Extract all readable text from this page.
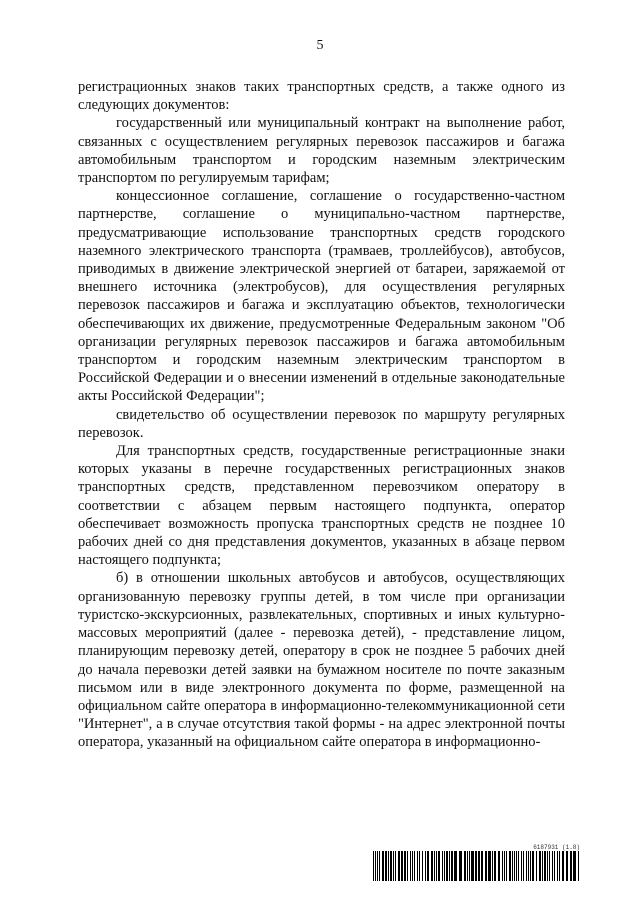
5

регистрационных знаков таких транспортных средств, а также одного из следующих документов:

государственный или муниципальный контракт на выполнение работ, связанных с осуществлением регулярных перевозок пассажиров и багажа автомобильным транспортом и городским наземным электрическим транспортом по регулируемым тарифам;

концессионное соглашение, соглашение о государственно-частном партнерстве, соглашение о муниципально-частном партнерстве, предусматривающие использование транспортных средств городского наземного электрического транспорта (трамваев, троллейбусов), автобусов, приводимых в движение электрической энергией от батареи, заряжаемой от внешнего источника (электробусов), для осуществления регулярных перевозок пассажиров и багажа и эксплуатацию объектов, технологически обеспечивающих их движение, предусмотренные Федеральным законом "Об организации регулярных перевозок пассажиров и багажа автомобильным транспортом и городским наземным электрическим транспортом в Российской Федерации и о внесении изменений в отдельные законодательные акты Российской Федерации";

свидетельство об осуществлении перевозок по маршруту регулярных перевозок.

Для транспортных средств, государственные регистрационные знаки которых указаны в перечне государственных регистрационных знаков транспортных средств, представленном перевозчиком оператору в соответствии с абзацем первым настоящего подпункта, оператор обеспечивает возможность пропуска транспортных средств не позднее 10 рабочих дней со дня представления документов, указанных в абзаце первом настоящего подпункта;

б) в отношении школьных автобусов и автобусов, осуществляющих организованную перевозку группы детей, в том числе при организации туристско-экскурсионных, развлекательных, спортивных и иных культурно-массовых мероприятий (далее - перевозка детей), - представление лицом, планирующим перевозку детей, оператору в срок не позднее 5 рабочих дней до начала перевозки детей заявки на бумажном носителе по почте заказным письмом или в виде электронного документа по форме, размещенной на официальном сайте оператора в информационно-телекоммуникационной сети "Интернет", а в случае отсутствия такой формы - на адрес электронной почты оператора, указанный на официальном сайте оператора в информационно-

6187931 (1.8)
